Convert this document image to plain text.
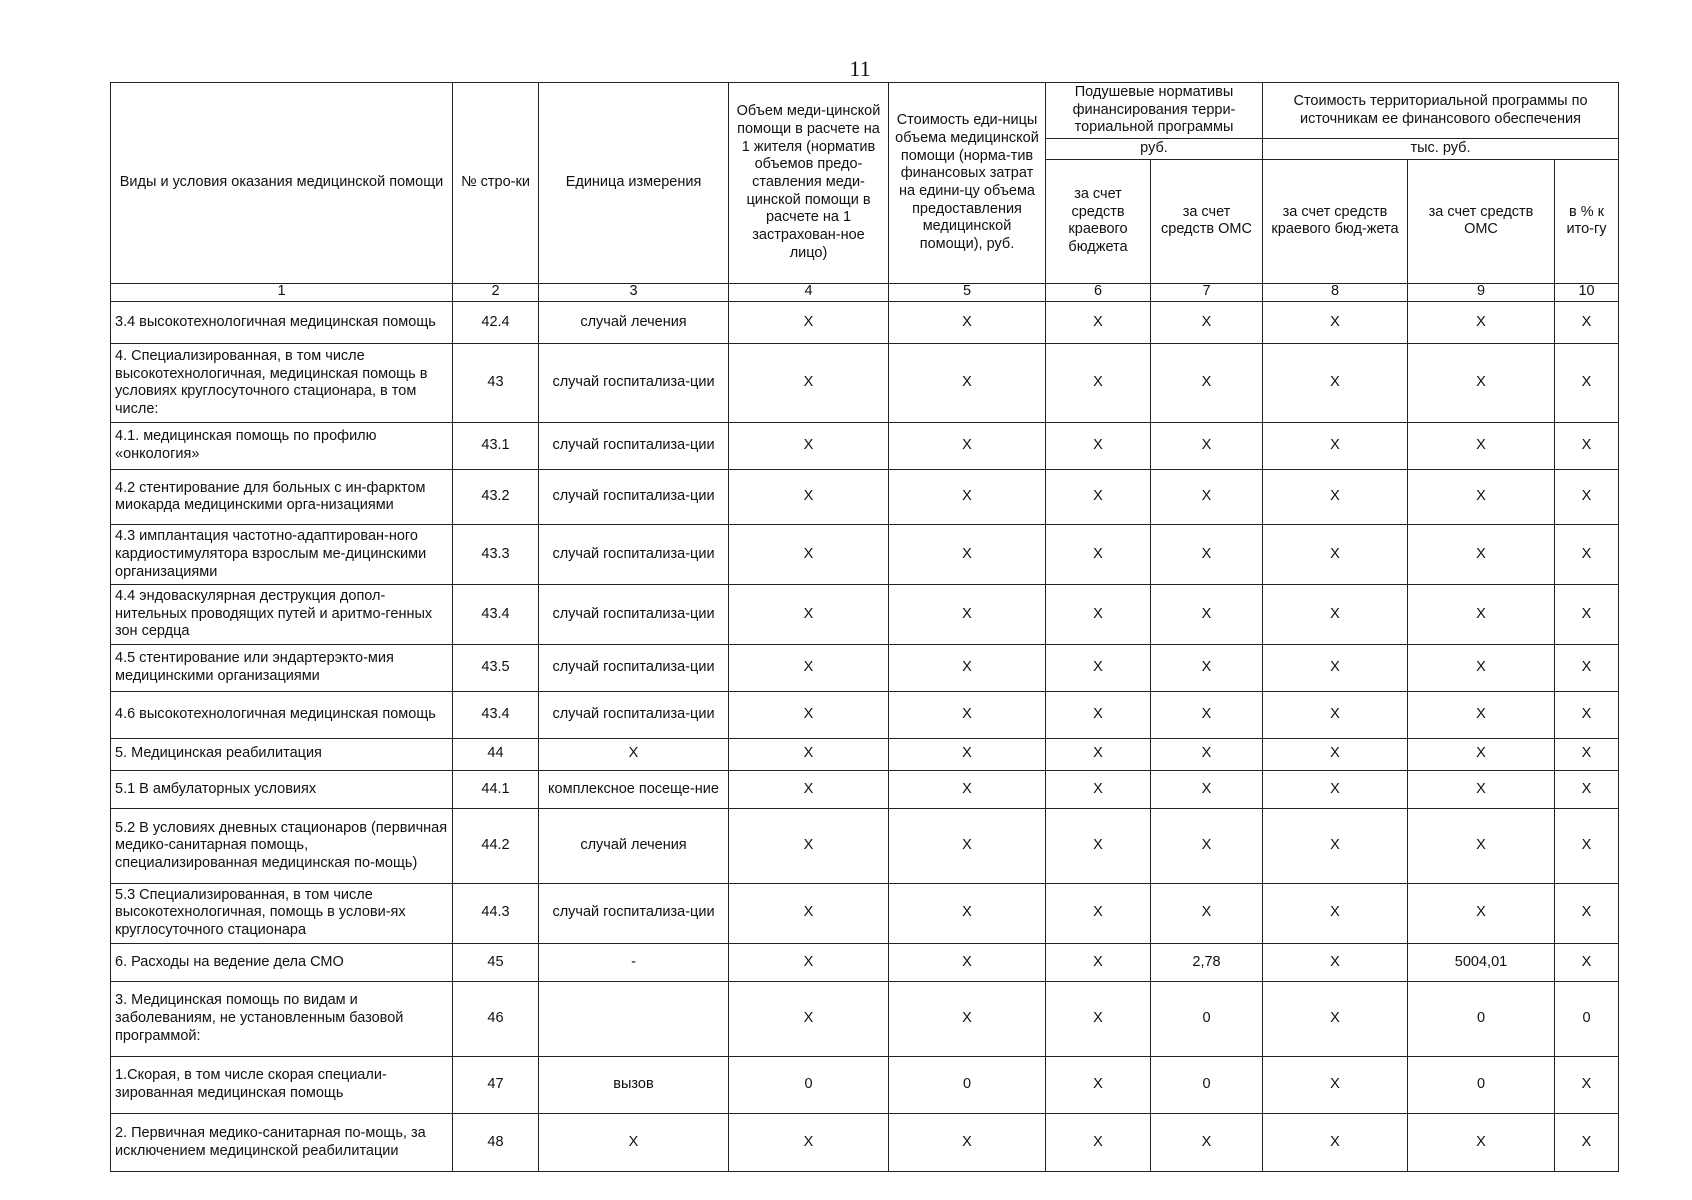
11
Виды и условия оказания медицинской помощи	№ стро-ки	Единица измерения	Объем меди-цинской помощи в расчете на 1 жителя (норматив объемов предо-ставления меди-цинской помощи в расчете на 1 застрахован-ное лицо)	Стоимость еди-ницы объема медицинской помощи (норма-тив финансовых затрат на едини-цу объема предоставления медицинской помощи), руб.	Подушевые нормативы финансирования терри-ториальной программы		Стоимость территориальной программы по источникам ее финансового обеспечения		
					руб.		тыс. руб.		
					за счет средств краевого бюджета	за счет средств ОМС	за счет средств краевого бюд-жета	за счет средств ОМС	в % к ито-гу
1	2	3	4	5	6	7	8	9	10
3.4 высокотехнологичная медицинская помощь	42.4	случай лечения	Х	Х	Х	Х	Х	Х	Х
4. Специализированная, в том числе высокотехнологичная, медицинская помощь в условиях круглосуточного стационара, в том числе:	43	случай госпитализа-ции	Х	Х	Х	Х	Х	Х	Х
4.1. медицинская помощь по профилю «онкология»	43.1	случай госпитализа-ции	Х	Х	Х	Х	Х	Х	Х
4.2 стентирование для больных с ин-фарктом миокарда медицинскими орга-низациями	43.2	случай госпитализа-ции	Х	Х	Х	Х	Х	Х	Х
4.3 имплантация частотно-адаптирован-ного кардиостимулятора взрослым ме-дицинскими организациями	43.3	случай госпитализа-ции	Х	Х	Х	Х	Х	Х	Х
4.4 эндоваскулярная деструкция допол-нительных проводящих путей и аритмо-генных зон сердца	43.4	случай госпитализа-ции	Х	Х	Х	Х	Х	Х	Х
4.5 стентирование или эндартерэкто-мия медицинскими организациями	43.5	случай госпитализа-ции	Х	Х	Х	Х	Х	Х	Х
4.6 высокотехнологичная медицинская помощь	43.4	случай госпитализа-ции	Х	Х	Х	Х	Х	Х	Х
5. Медицинская реабилитация	44	Х	Х	Х	Х	Х	Х	Х	Х
5.1 В амбулаторных условиях	44.1	комплексное посеще-ние	Х	Х	Х	Х	Х	Х	Х
5.2 В условиях дневных стационаров (первичная медико-санитарная помощь, специализированная медицинская по-мощь)	44.2	случай лечения	Х	Х	Х	Х	Х	Х	Х
5.3 Специализированная, в том числе высокотехнологичная, помощь в услови-ях круглосуточного стационара	44.3	случай госпитализа-ции	Х	Х	Х	Х	Х	Х	Х
6. Расходы на ведение дела СМО	45	-	Х	Х	Х	2,78	Х	5004,01	Х
3. Медицинская помощь по видам и заболеваниям, не установленным базовой программой:	46		Х	Х	Х	0	Х	0	0
1.Скорая, в том числе скорая специали-зированная медицинская помощь	47	вызов	0	0	Х	0	Х	0	Х
2. Первичная медико-санитарная по-мощь, за исключением медицинской реабилитации	48	Х	Х	Х	Х	Х	Х	Х	Х
